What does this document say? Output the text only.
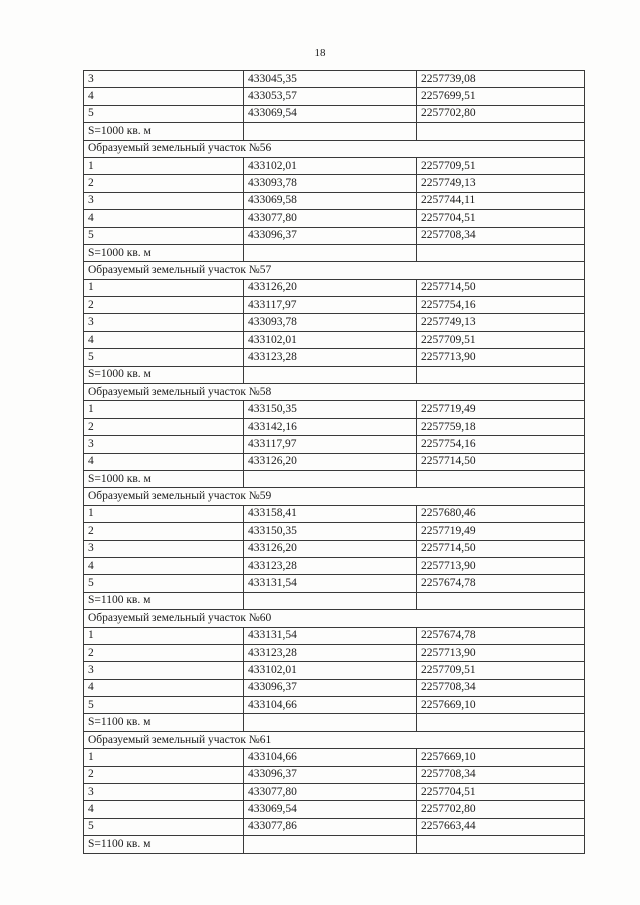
18
3	433045,35	2257739,08
4	433053,57	2257699,51
5	433069,54	2257702,80
S=1000 кв. м		
Образуемый земельный участок №56		
1	433102,01	2257709,51
2	433093,78	2257749,13
3	433069,58	2257744,11
4	433077,80	2257704,51
5	433096,37	2257708,34
S=1000 кв. м		
Образуемый земельный участок №57		
1	433126,20	2257714,50
2	433117,97	2257754,16
3	433093,78	2257749,13
4	433102,01	2257709,51
5	433123,28	2257713,90
S=1000 кв. м		
Образуемый земельный участок №58		
1	433150,35	2257719,49
2	433142,16	2257759,18
3	433117,97	2257754,16
4	433126,20	2257714,50
S=1000 кв. м		
Образуемый земельный участок №59		
1	433158,41	2257680,46
2	433150,35	2257719,49
3	433126,20	2257714,50
4	433123,28	2257713,90
5	433131,54	2257674,78
S=1100 кв. м		
Образуемый земельный участок №60		
1	433131,54	2257674,78
2	433123,28	2257713,90
3	433102,01	2257709,51
4	433096,37	2257708,34
5	433104,66	2257669,10
S=1100 кв. м		
Образуемый земельный участок №61		
1	433104,66	2257669,10
2	433096,37	2257708,34
3	433077,80	2257704,51
4	433069,54	2257702,80
5	433077,86	2257663,44
S=1100 кв. м		
